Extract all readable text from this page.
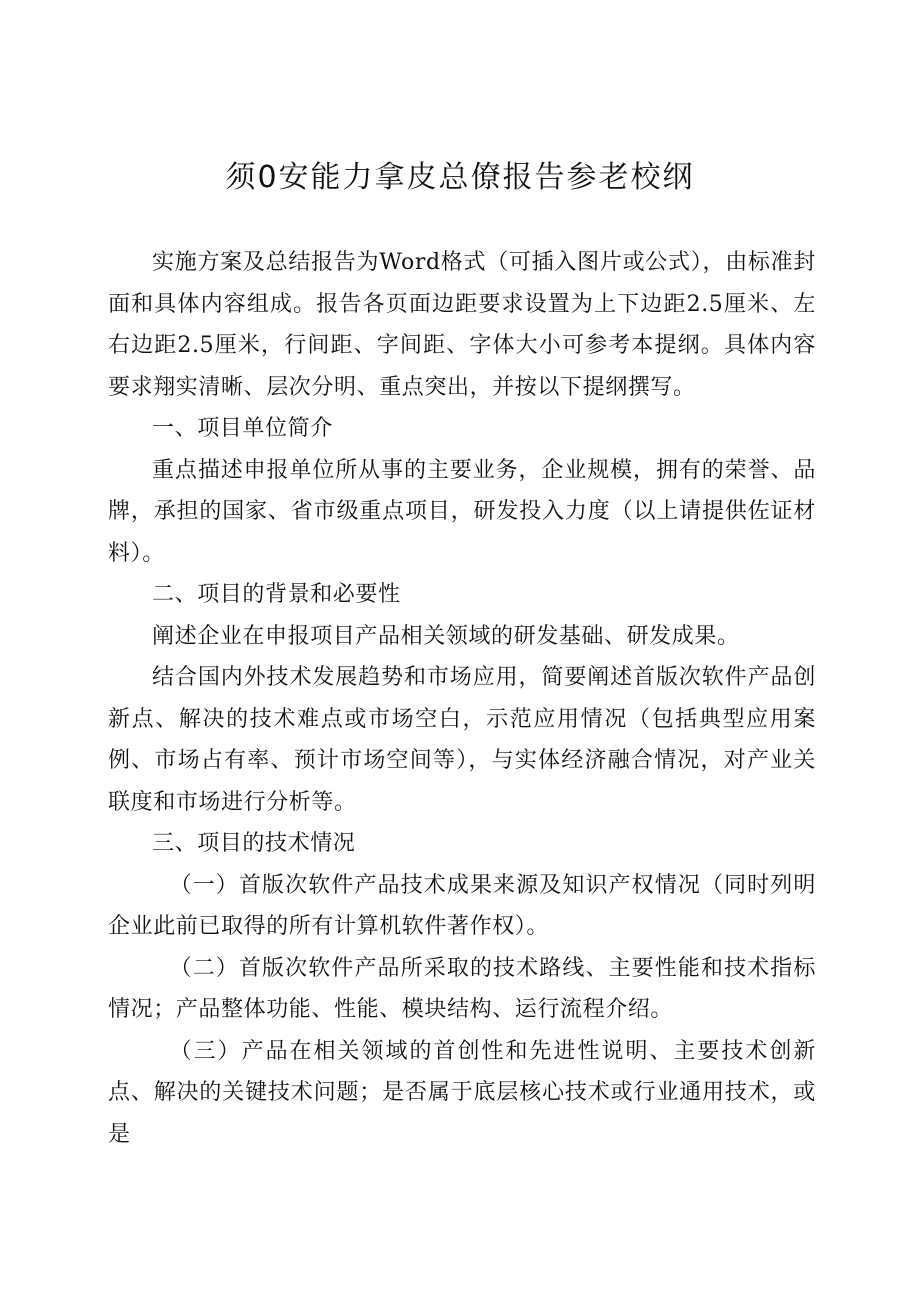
须0安能力拿皮总僚报告参老校纲

实施方案及总结报告为Word格式（可插入图片或公式），由标准封面和具体内容组成。报告各页面边距要求设置为上下边距2.5厘米、左右边距2.5厘米，行间距、字间距、字体大小可参考本提纲。具体内容要求翔实清晰、层次分明、重点突出，并按以下提纲撰写。

一、项目单位简介

重点描述申报单位所从事的主要业务，企业规模，拥有的荣誉、品牌，承担的国家、省市级重点项目，研发投入力度（以上请提供佐证材料）。

二、项目的背景和必要性

阐述企业在申报项目产品相关领域的研发基础、研发成果。

结合国内外技术发展趋势和市场应用，简要阐述首版次软件产品创新点、解决的技术难点或市场空白，示范应用情况（包括典型应用案例、市场占有率、预计市场空间等），与实体经济融合情况，对产业关联度和市场进行分析等。

三、项目的技术情况

（一）首版次软件产品技术成果来源及知识产权情况（同时列明企业此前已取得的所有计算机软件著作权）。

（二）首版次软件产品所采取的技术路线、主要性能和技术指标情况；产品整体功能、性能、模块结构、运行流程介绍。

（三）产品在相关领域的首创性和先进性说明、主要技术创新点、解决的关键技术问题；是否属于底层核心技术或行业通用技术，或是
